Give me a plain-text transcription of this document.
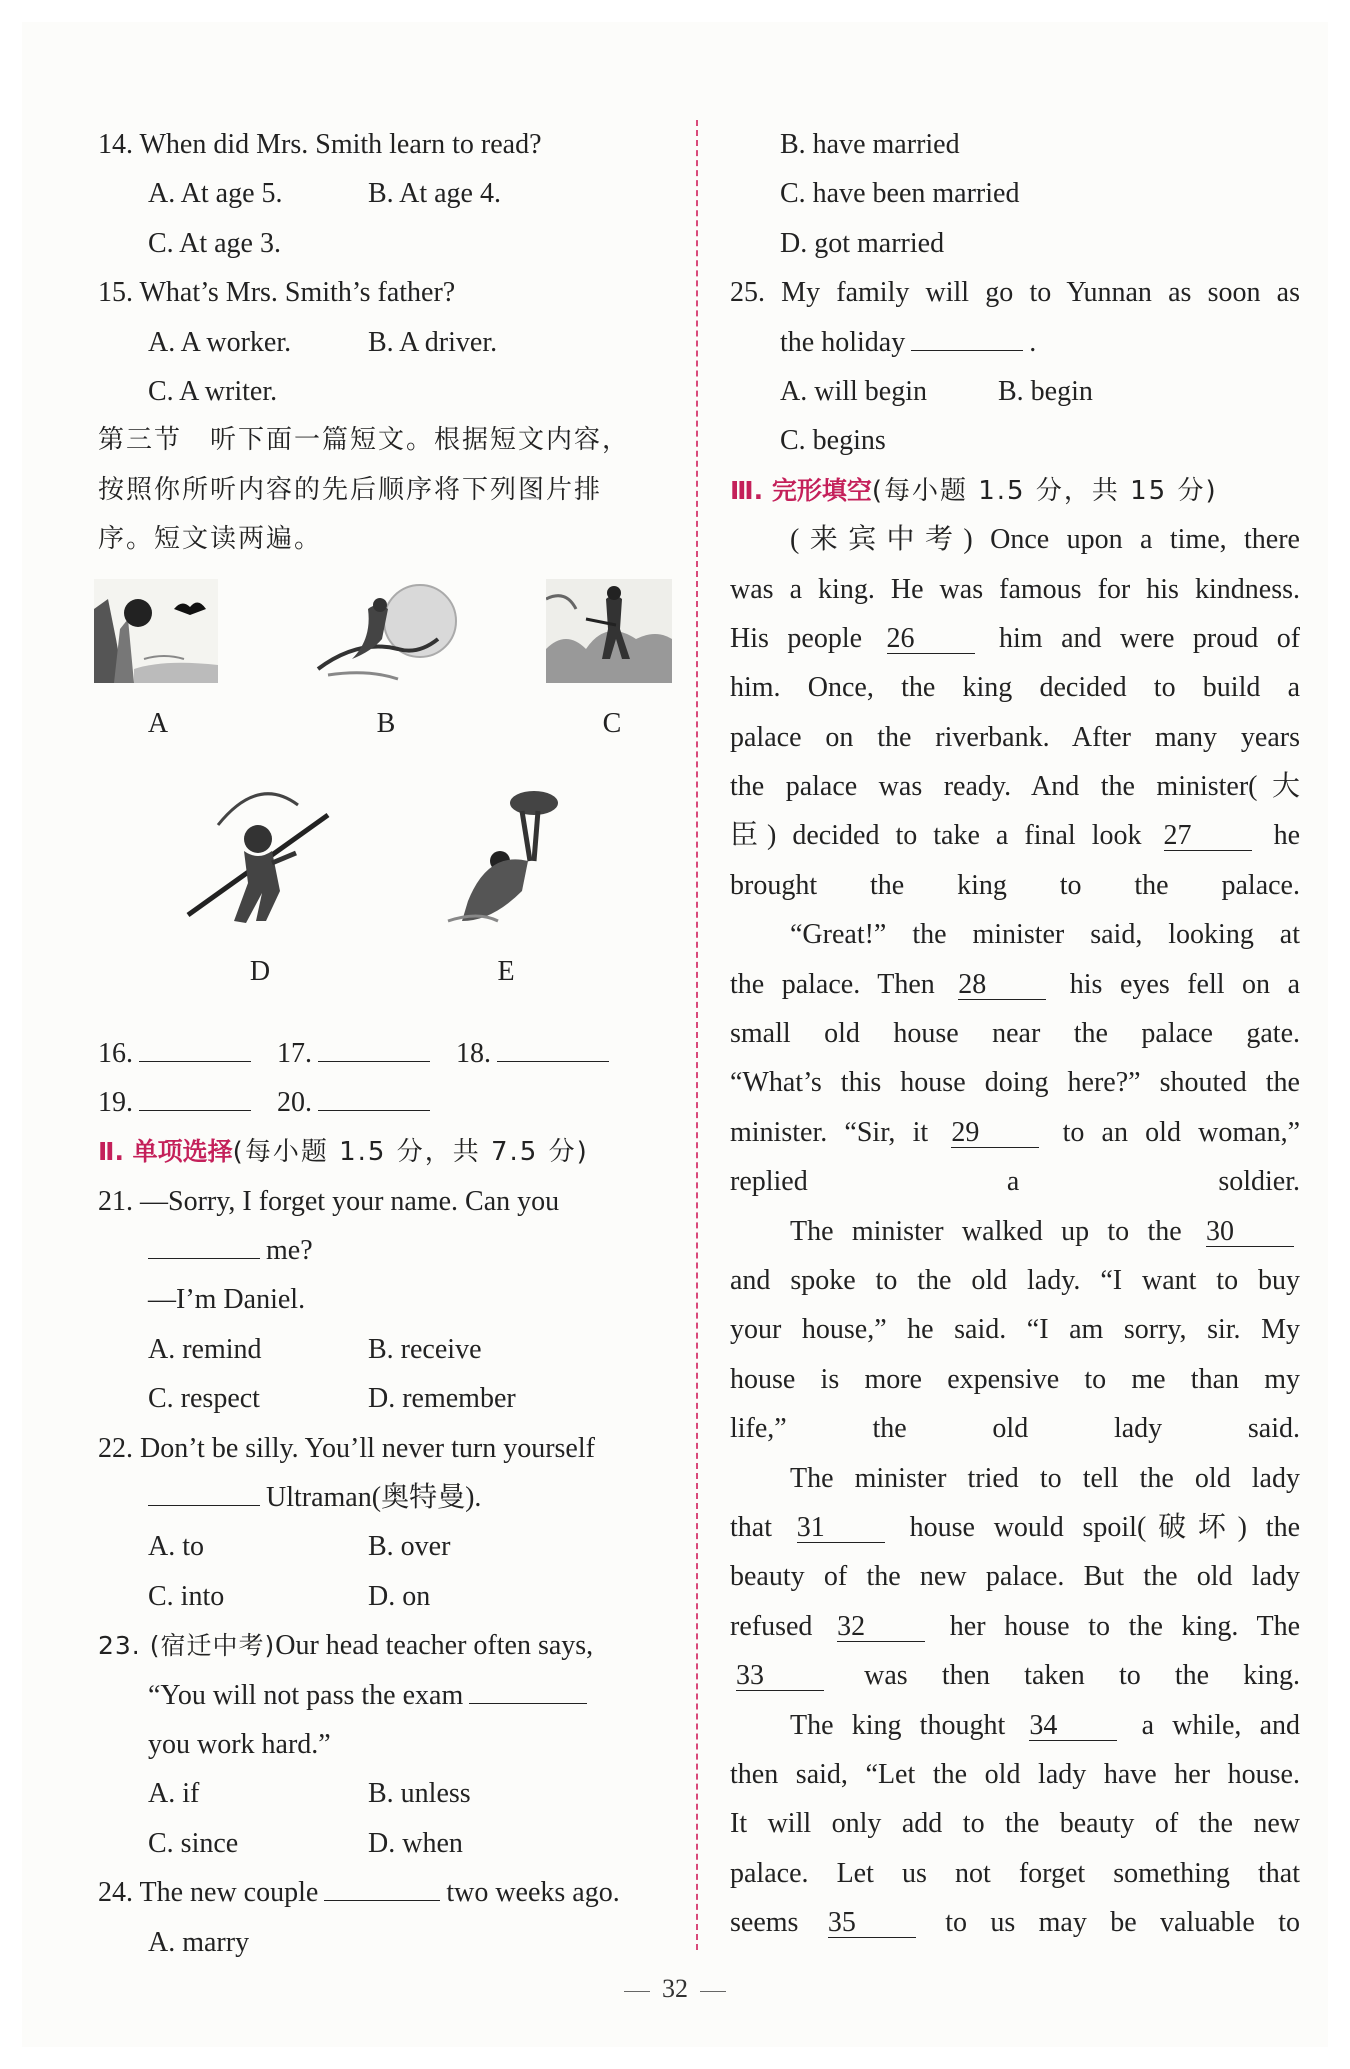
14. When did Mrs. Smith learn to read?
A. At age 5.	B. At age 4.
C. At age 3.
15. What’s Mrs. Smith’s father?
A. A worker.	B. A driver.
C. A writer.
第三节　听下面一篇短文。根据短文内容，
按照你所听内容的先后顺序将下列图片排
序。短文读两遍。
A	B	C
D	E
16.	17.	18.
19.	20.
Ⅱ. 单项选择(每小题 1.5 分，共 7.5 分)
21. —Sorry, I forget your name. Can you
me?
—I’m Daniel.
A. remind	B. receive
C. respect	D. remember
22. Don’t be silly. You’ll never turn yourself
Ultraman(奥特曼).
A. to	B. over
C. into	D. on
23. (宿迁中考)Our head teacher often says,
“You will not pass the exam
you work hard.”
A. if	B. unless
C. since	D. when
24. The new couple	two weeks ago.
A. marry
B. have married
C. have been married
D. got married
25. My family will go to Yunnan as soon as
the holiday	.
A. will begin	B. begin
C. begins
Ⅲ. 完形填空(每小题 1.5 分，共 15 分)
(来宾中考) Once upon a time, there
was a king. He was famous for his kindness.
His people 26	him and were proud of
him. Once, the king decided to build a
palace on the riverbank. After many years
the palace was ready. And the minister(大
臣) decided to take a final look 27	he
brought the king to the palace.
“Great!” the minister said, looking at
the palace. Then 28	his eyes fell on a
small old house near the palace gate.
“What’s this house doing here?” shouted the
minister. “Sir, it 29	to an old woman,”
replied a soldier.
The minister walked up to the 30
and spoke to the old lady. “I want to buy
your house,” he said. “I am sorry, sir. My
house is more expensive to me than my
life,” the old lady said.
The minister tried to tell the old lady
that 31	house would spoil(破坏) the
beauty of the new palace. But the old lady
refused 32	her house to the king. The
33	was then taken to the king.
The king thought 34	a while, and
then said, “Let the old lady have her house.
It will only add to the beauty of the new
palace. Let us not forget something that
seems 35	to us may be valuable to
32
